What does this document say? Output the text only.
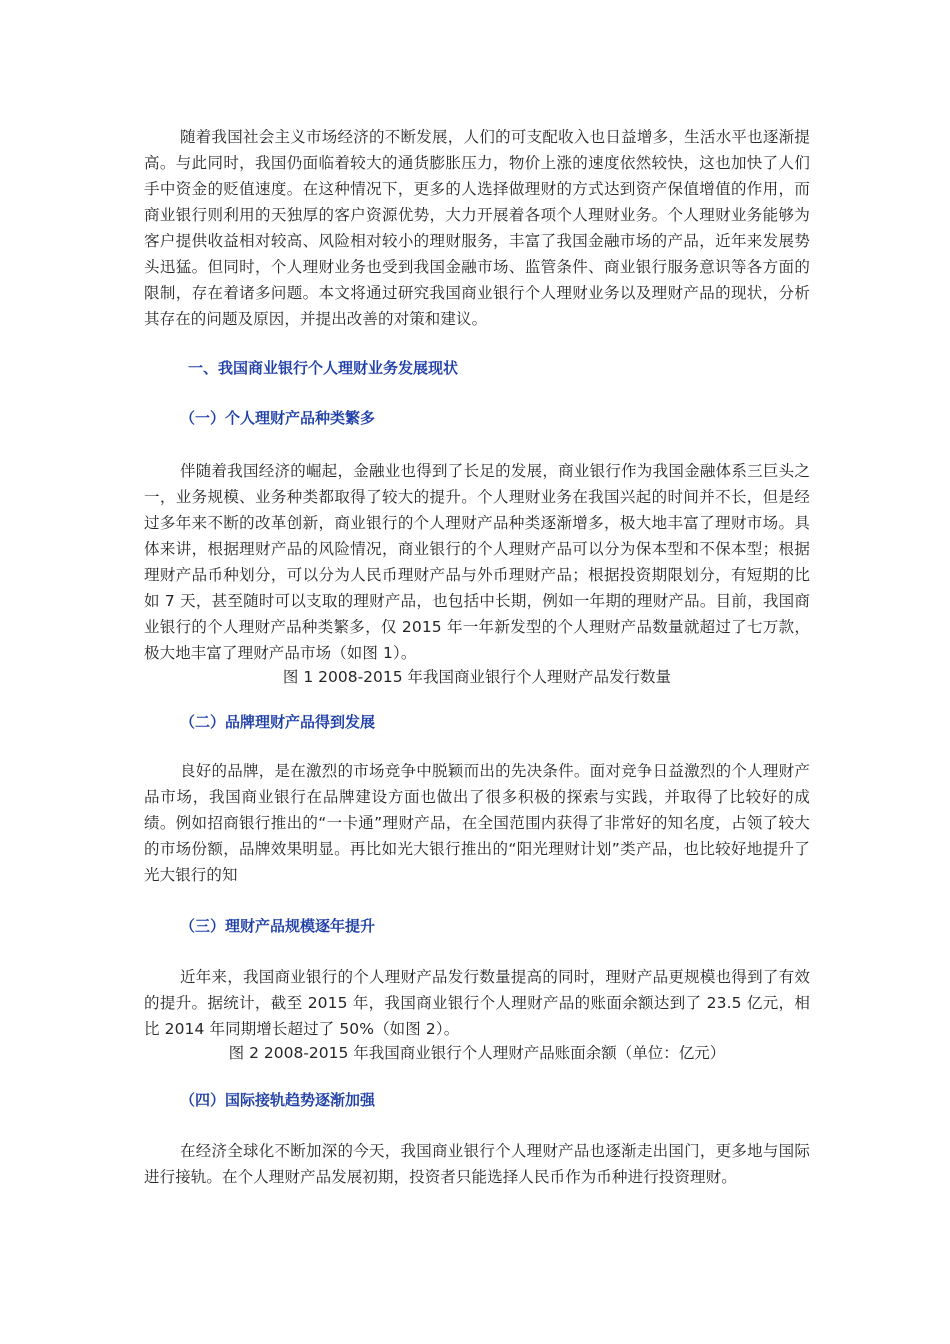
随着我国社会主义市场经济的不断发展，人们的可支配收入也日益增多，生活水平也逐渐提高。与此同时，我国仍面临着较大的通货膨胀压力，物价上涨的速度依然较快，这也加快了人们手中资金的贬值速度。在这种情况下，更多的人选择做理财的方式达到资产保值增值的作用，而商业银行则利用的天独厚的客户资源优势，大力开展着各项个人理财业务。个人理财业务能够为客户提供收益相对较高、风险相对较小的理财服务，丰富了我国金融市场的产品，近年来发展势头迅猛。但同时，个人理财业务也受到我国金融市场、监管条件、商业银行服务意识等各方面的限制，存在着诸多问题。本文将通过研究我国商业银行个人理财业务以及理财产品的现状，分析其存在的问题及原因，并提出改善的对策和建议。

一、我国商业银行个人理财业务发展现状
（一）个人理财产品种类繁多

伴随着我国经济的崛起，金融业也得到了长足的发展，商业银行作为我国金融体系三巨头之一，业务规模、业务种类都取得了较大的提升。个人理财业务在我国兴起的时间并不长，但是经过多年来不断的改革创新，商业银行的个人理财产品种类逐渐增多，极大地丰富了理财市场。具体来讲，根据理财产品的风险情况，商业银行的个人理财产品可以分为保本型和不保本型；根据理财产品币种划分，可以分为人民币理财产品与外币理财产品；根据投资期限划分，有短期的比如 7 天，甚至随时可以支取的理财产品，也包括中长期，例如一年期的理财产品。目前，我国商业银行的个人理财产品种类繁多，仅 2015 年一年新发型的个人理财产品数量就超过了七万款，极大地丰富了理财产品市场（如图 1）。

图 1 2008-2015 年我国商业银行个人理财产品发行数量

（二）品牌理财产品得到发展

良好的品牌，是在激烈的市场竞争中脱颖而出的先决条件。面对竞争日益激烈的个人理财产品市场，我国商业银行在品牌建设方面也做出了很多积极的探索与实践，并取得了比较好的成绩。例如招商银行推出的“一卡通”理财产品，在全国范围内获得了非常好的知名度，占领了较大的市场份额，品牌效果明显。再比如光大银行推出的“阳光理财计划”类产品，也比较好地提升了光大银行的知

（三）理财产品规模逐年提升

近年来，我国商业银行的个人理财产品发行数量提高的同时，理财产品更规模也得到了有效的提升。据统计，截至 2015 年，我国商业银行个人理财产品的账面余额达到了 23.5 亿元，相比 2014 年同期增长超过了 50%（如图 2）。

图 2 2008-2015 年我国商业银行个人理财产品账面余额（单位：亿元）

（四）国际接轨趋势逐渐加强

在经济全球化不断加深的今天，我国商业银行个人理财产品也逐渐走出国门，更多地与国际进行接轨。在个人理财产品发展初期，投资者只能选择人民币作为币种进行投资理财。
